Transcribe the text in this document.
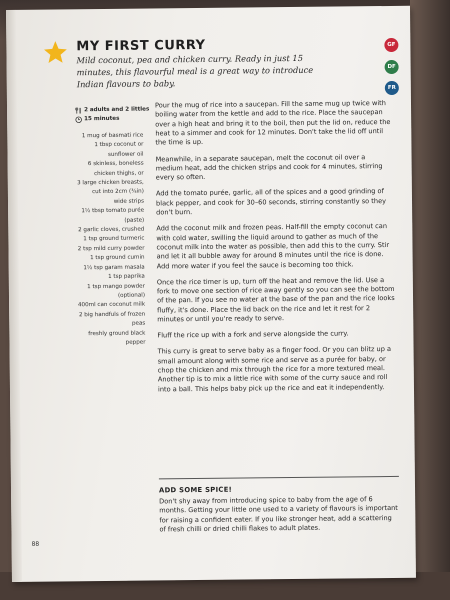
MY FIRST CURRY
Mild coconut, pea and chicken curry. Ready in just 15 minutes, this flavourful meal is a great way to introduce Indian flavours to baby.
GF
DF
FR
2 adults and 2 littles
15 minutes
1 mug of basmati rice
1 tbsp coconut or
sunflower oil
6 skinless, boneless
chicken thighs, or
3 large chicken breasts,
cut into 2cm (¾in)
wide strips
1½ tbsp tomato purée
(paste)
2 garlic cloves, crushed
1 tsp ground turmeric
2 tsp mild curry powder
1 tsp ground cumin
1½ tsp garam masala
1 tsp paprika
1 tsp mango powder
(optional)
400ml can coconut milk
2 big handfuls of frozen
peas
freshly ground black
pepper

Pour the mug of rice into a saucepan. Fill the same mug up twice with boiling water from the kettle and add to the rice. Place the saucepan over a high heat and bring it to the boil, then put the lid on, reduce the heat to a simmer and cook for 12 minutes. Don't take the lid off until the time is up.

Meanwhile, in a separate saucepan, melt the coconut oil over a medium heat, add the chicken strips and cook for 4 minutes, stirring every so often.

Add the tomato purée, garlic, all of the spices and a good grinding of black pepper, and cook for 30–60 seconds, stirring constantly so they don't burn.

Add the coconut milk and frozen peas. Half-fill the empty coconut can with cold water, swilling the liquid around to gather as much of the coconut milk into the water as possible, then add this to the curry. Stir and let it all bubble away for around 8 minutes until the rice is done. Add more water if you feel the sauce is becoming too thick.

Once the rice timer is up, turn off the heat and remove the lid. Use a fork to move one section of rice away gently so you can see the bottom of the pan. If you see no water at the base of the pan and the rice looks fluffy, it's done. Place the lid back on the rice and let it rest for 2 minutes or until you're ready to serve.

Fluff the rice up with a fork and serve alongside the curry.

This curry is great to serve baby as a finger food. Or you can blitz up a small amount along with some rice and serve as a purée for baby, or chop the chicken and mix through the rice for a more textured meal. Another tip is to mix a little rice with some of the curry sauce and roll into a ball. This helps baby pick up the rice and eat it independently.

ADD SOME SPICE!
Don't shy away from introducing spice to baby from the age of 6 months. Getting your little one used to a variety of flavours is important for raising a confident eater. If you like stronger heat, add a scattering of fresh chilli or dried chilli flakes to adult plates.
88
